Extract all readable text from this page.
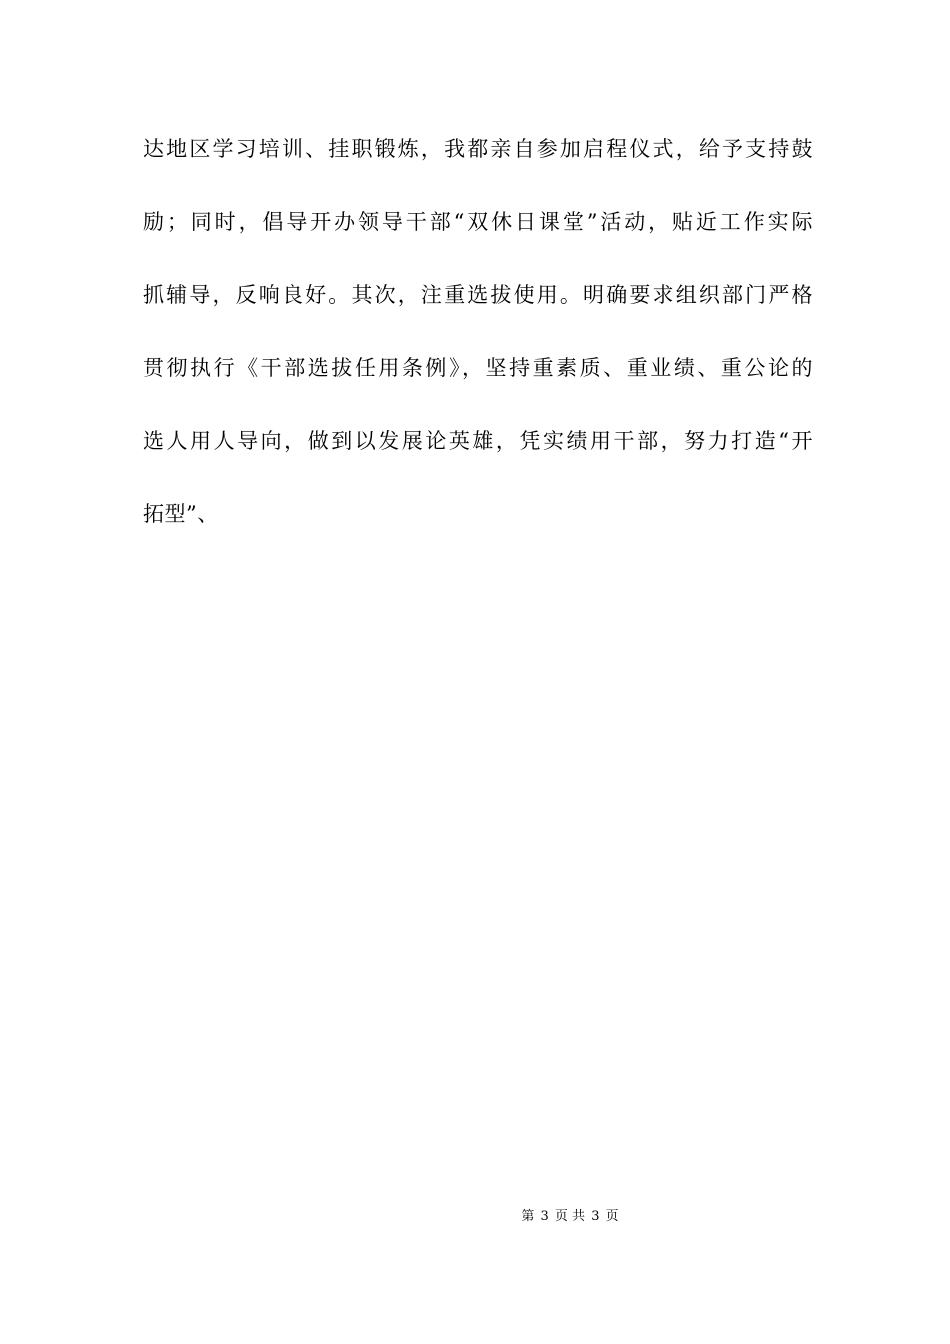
达地区学习培训、挂职锻炼，我都亲自参加启程仪式，给予支持鼓
励；同时，倡导开办领导干部“双休日课堂”活动，贴近工作实际
抓辅导，反响良好。其次，注重选拔使用。明确要求组织部门严格
贯彻执行《干部选拔任用条例》，坚持重素质、重业绩、重公论的
选人用人导向，做到以发展论英雄，凭实绩用干部，努力打造“开
拓型”、
第 3 页 共 3 页
